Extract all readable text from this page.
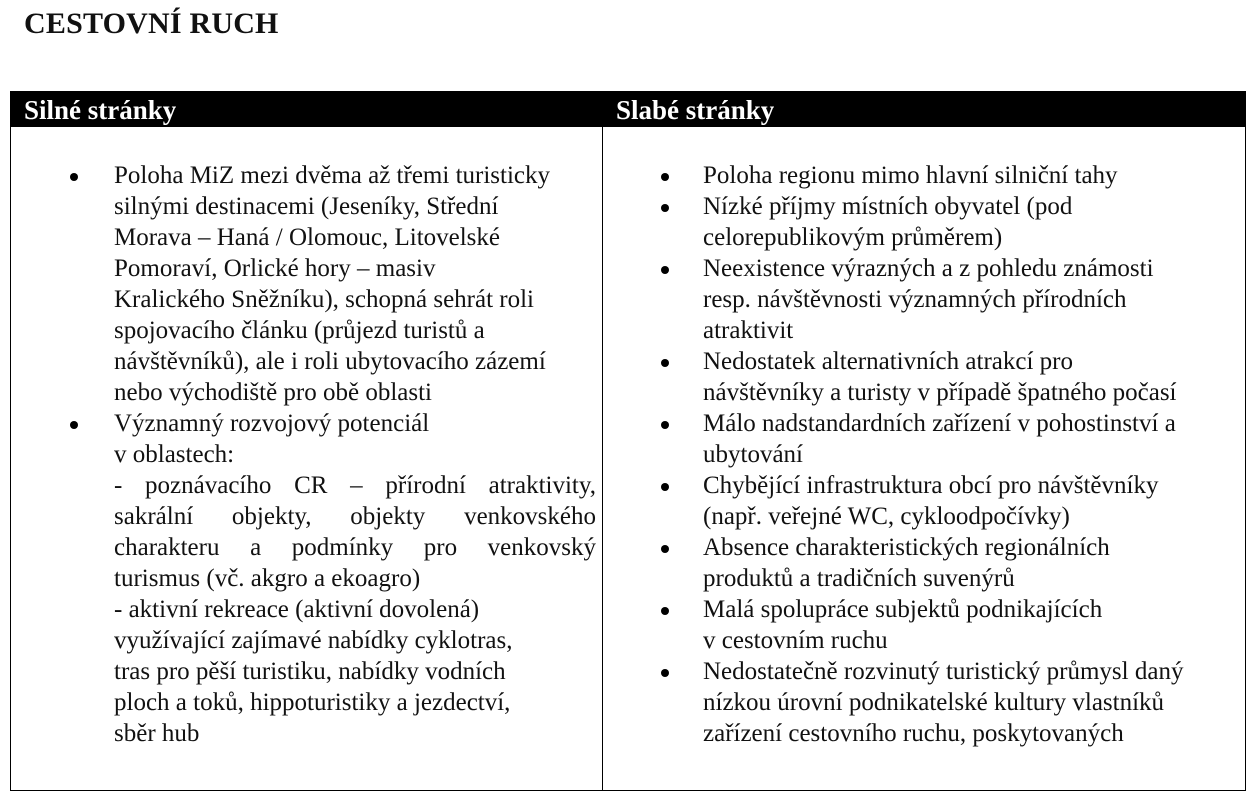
CESTOVNÍ RUCH
Silné stránky
Poloha MiZ mezi dvěma až třemi turisticky
silnými destinacemi (Jeseníky, Střední
Morava – Haná / Olomouc, Litovelské
Pomoraví, Orlické hory – masiv
Kralického Sněžníku), schopná sehrát roli
spojovacího článku (průjezd turistů a
návštěvníků), ale i roli ubytovacího zázemí
nebo východiště pro obě oblasti
Významný rozvojový potenciál
v oblastech:
- poznávacího CR – přírodní atraktivity,
sakrální objekty, objekty venkovského
charakteru a podmínky pro venkovský
turismus (vč. akgro a ekoagro)
- aktivní rekreace (aktivní dovolená)
využívající zajímavé nabídky cyklotras,
tras pro pěší turistiku, nabídky vodních
ploch a toků, hippoturistiky a jezdectví,
sběr hub
Slabé stránky
Poloha regionu mimo hlavní silniční tahy
Nízké příjmy místních obyvatel (pod
celorepublikovým průměrem)
Neexistence výrazných a z pohledu známosti
resp. návštěvnosti významných přírodních
atraktivit
Nedostatek alternativních atrakcí pro
návštěvníky a turisty v případě špatného počasí
Málo nadstandardních zařízení v pohostinství a
ubytování
Chybějící infrastruktura obcí pro návštěvníky
(např. veřejné WC, cykloodpočívky)
Absence charakteristických regionálních
produktů a tradičních suvenýrů
Malá spolupráce subjektů podnikajících
v cestovním ruchu
Nedostatečně rozvinutý turistický průmysl daný
nízkou úrovní podnikatelské kultury vlastníků
zařízení cestovního ruchu, poskytovaných
